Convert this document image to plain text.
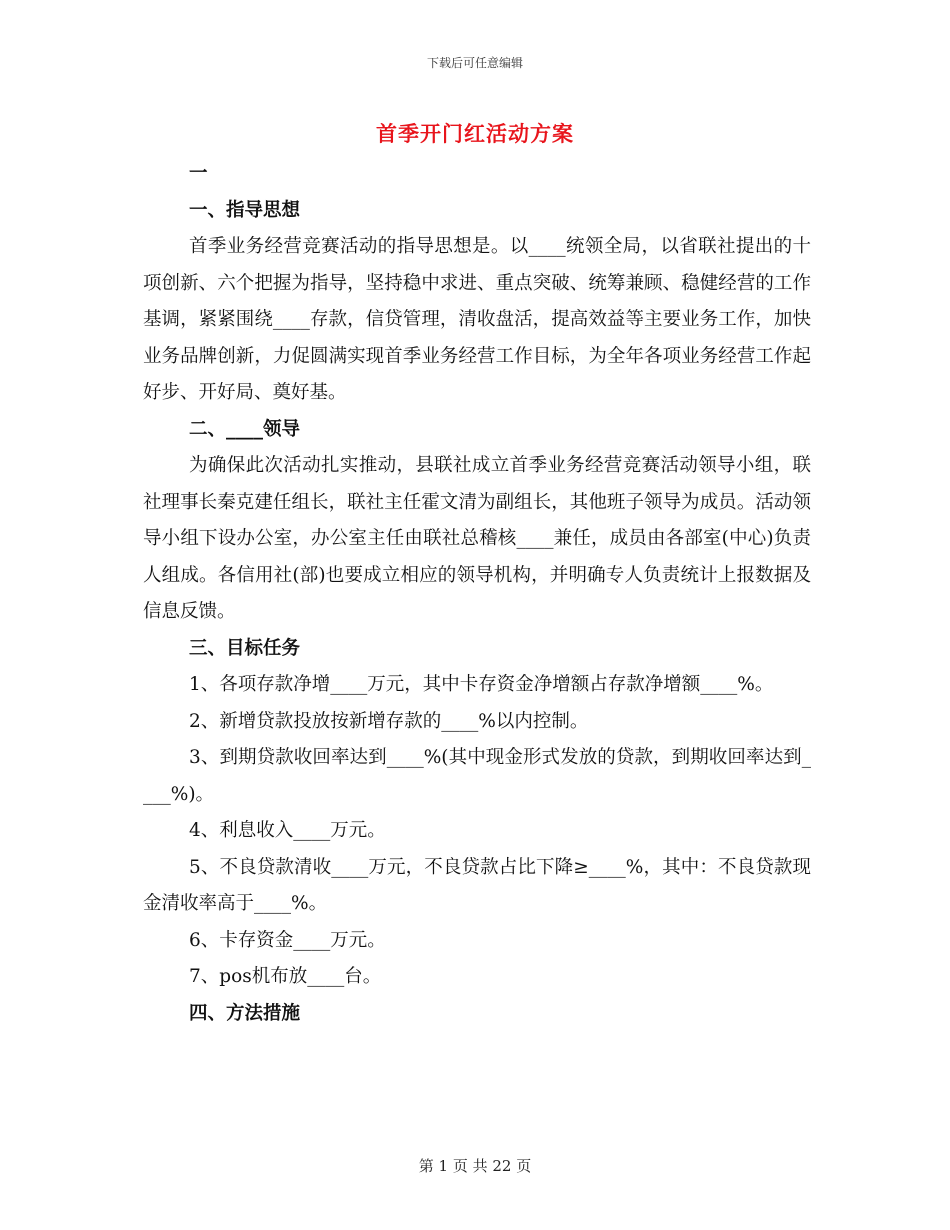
下载后可任意编辑
首季开门红活动方案

一

一、指导思想

首季业务经营竞赛活动的指导思想是。以____统领全局，以省联社提出的十项创新、六个把握为指导，坚持稳中求进、重点突破、统筹兼顾、稳健经营的工作基调，紧紧围绕____存款，信贷管理，清收盘活，提高效益等主要业务工作，加快业务品牌创新，力促圆满实现首季业务经营工作目标，为全年各项业务经营工作起好步、开好局、奠好基。

二、____领导

为确保此次活动扎实推动，县联社成立首季业务经营竞赛活动领导小组，联社理事长秦克建任组长，联社主任霍文清为副组长，其他班子领导为成员。活动领导小组下设办公室，办公室主任由联社总稽核____兼任，成员由各部室(中心)负责人组成。各信用社(部)也要成立相应的领导机构，并明确专人负责统计上报数据及信息反馈。

三、目标任务

1、各项存款净增____万元，其中卡存资金净增额占存款净增额____%。

2、新增贷款投放按新增存款的____%以内控制。

3、到期贷款收回率达到____%(其中现金形式发放的贷款，到期收回率达到____%)。

4、利息收入____万元。

5、不良贷款清收____万元，不良贷款占比下降≥____%，其中：不良贷款现金清收率高于____%。

6、卡存资金____万元。

7、pos机布放____台。

四、方法措施

第 1 页 共 22 页
